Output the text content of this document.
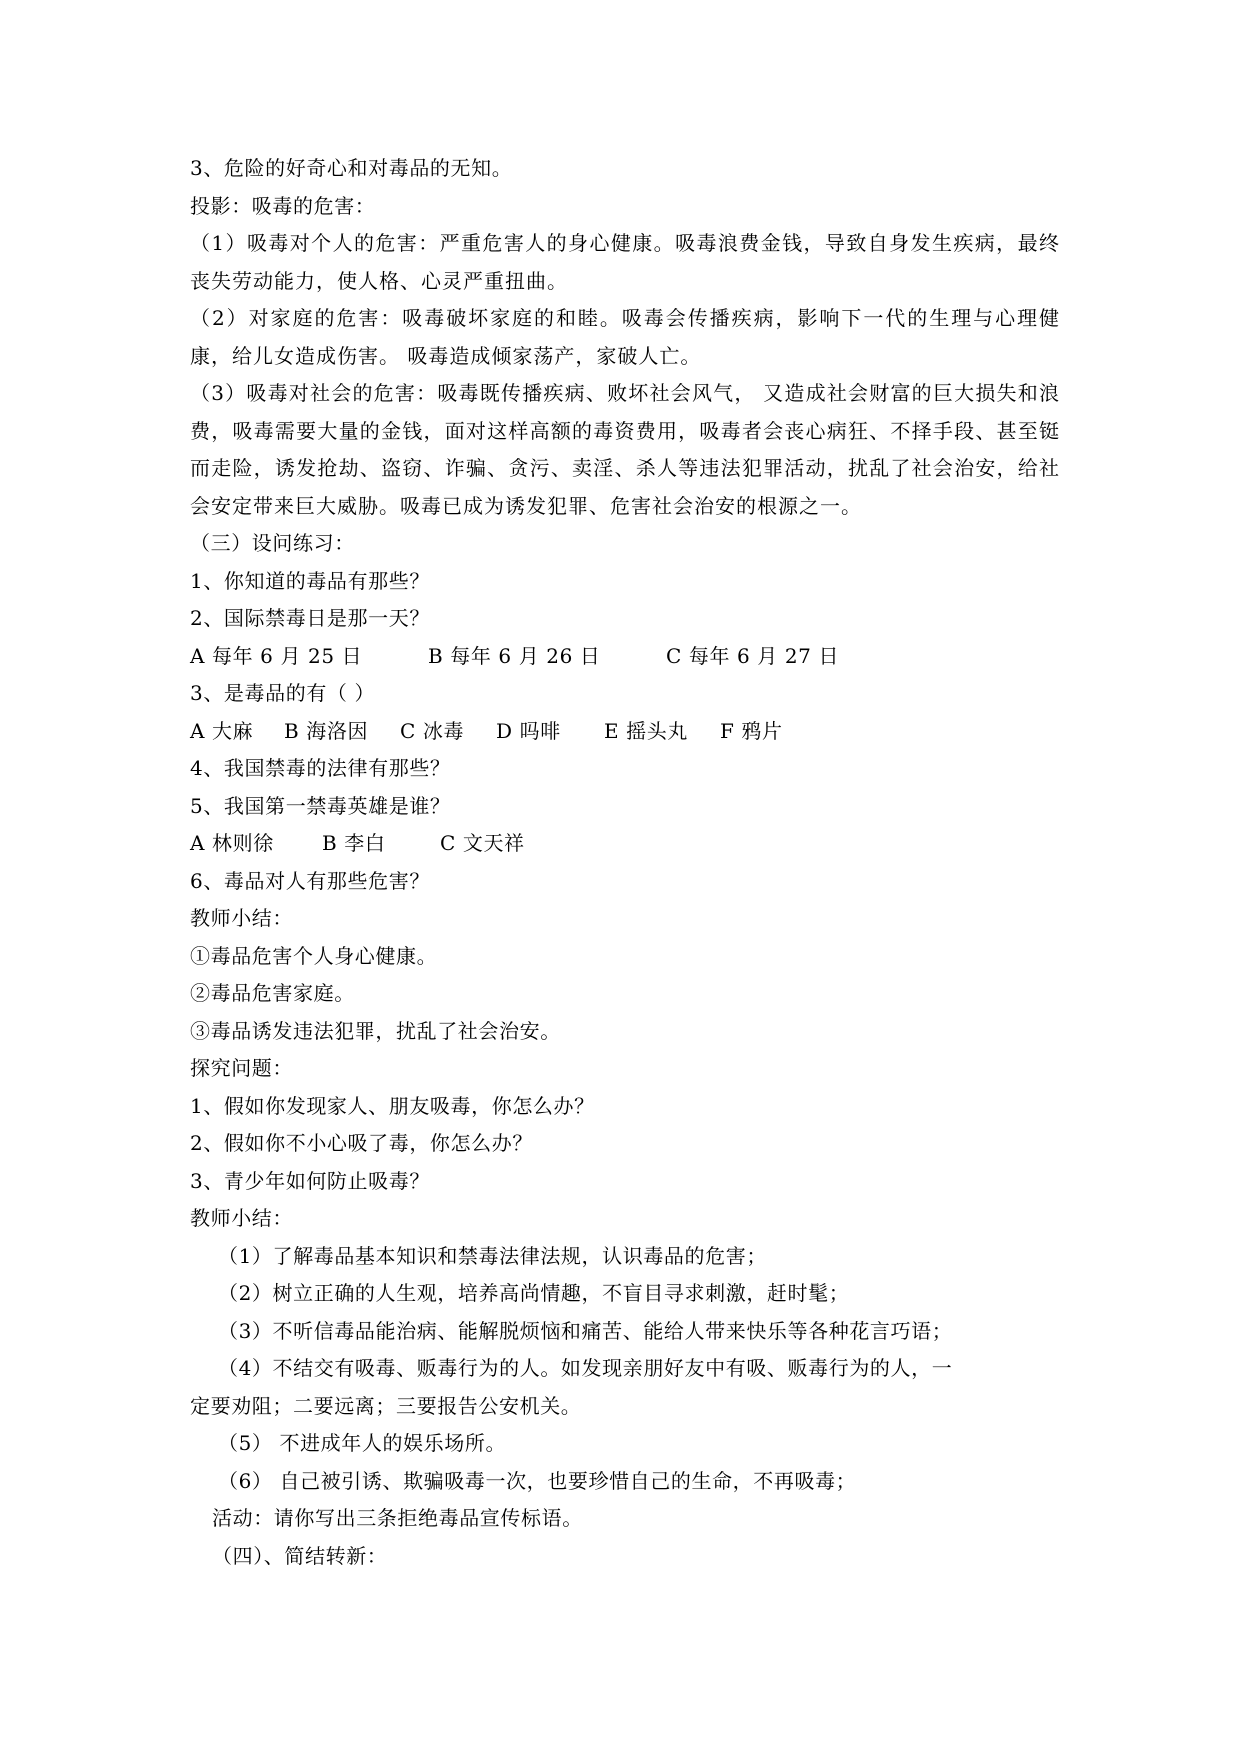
3、危险的好奇心和对毒品的无知。
投影：吸毒的危害：
（1）吸毒对个人的危害：严重危害人的身心健康。吸毒浪费金钱，导致自身发生疾病，最终丧失劳动能力，使人格、心灵严重扭曲。
（2）对家庭的危害：吸毒破坏家庭的和睦。吸毒会传播疾病，影响下一代的生理与心理健康，给儿女造成伤害。 吸毒造成倾家荡产，家破人亡。
（3）吸毒对社会的危害：吸毒既传播疾病、败坏社会风气， 又造成社会财富的巨大损失和浪费，吸毒需要大量的金钱，面对这样高额的毒资费用，吸毒者会丧心病狂、不择手段、甚至铤而走险，诱发抢劫、盗窃、诈骗、贪污、卖淫、杀人等违法犯罪活动，扰乱了社会治安，给社会安定带来巨大威胁。吸毒已成为诱发犯罪、危害社会治安的根源之一。
（三）设问练习：
1、你知道的毒品有那些？
2、国际禁毒日是那一天？
A 每年 6 月 25 日	B 每年 6 月 26 日	C 每年 6 月 27 日
3、是毒品的有（ ）
A 大麻	B 海洛因	C 冰毒	D 吗啡	E 摇头丸	F 鸦片
4、我国禁毒的法律有那些？
5、我国第一禁毒英雄是谁？
A 林则徐	B 李白	C 文天祥
6、毒品对人有那些危害？
教师小结：
①毒品危害个人身心健康。
②毒品危害家庭。
③毒品诱发违法犯罪，扰乱了社会治安。
探究问题：
1、假如你发现家人、朋友吸毒，你怎么办？
2、假如你不小心吸了毒，你怎么办？
3、青少年如何防止吸毒？
教师小结：
（1）了解毒品基本知识和禁毒法律法规，认识毒品的危害；
（2）树立正确的人生观，培养高尚情趣，不盲目寻求刺激，赶时髦；
（3）不听信毒品能治病、能解脱烦恼和痛苦、能给人带来快乐等各种花言巧语；
（4）不结交有吸毒、贩毒行为的人。如发现亲朋好友中有吸、贩毒行为的人，一
定要劝阻；二要远离；三要报告公安机关。
（5） 不进成年人的娱乐场所。
（6） 自己被引诱、欺骗吸毒一次，也要珍惜自己的生命，不再吸毒；
活动：请你写出三条拒绝毒品宣传标语。
（四）、简结转新：
